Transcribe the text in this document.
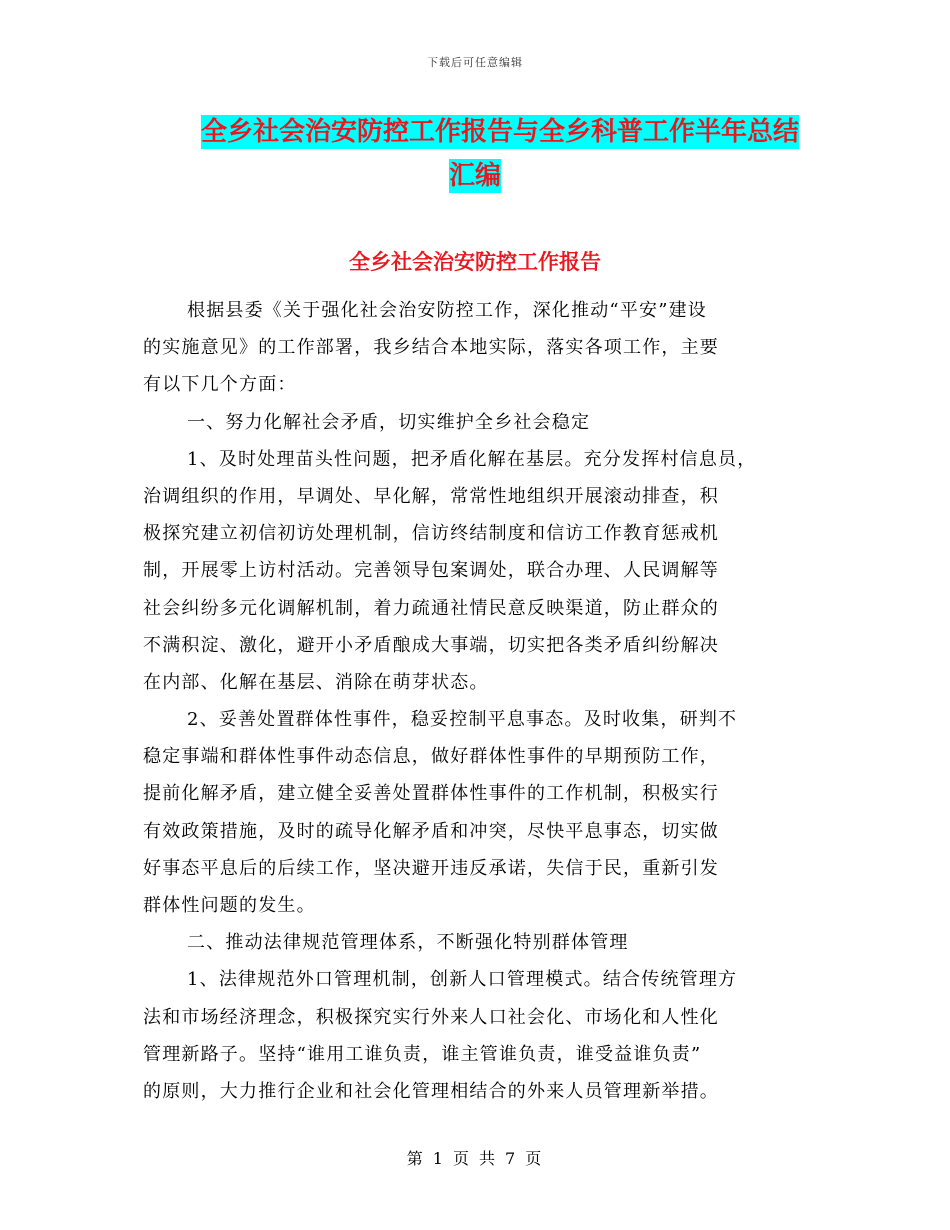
下载后可任意编辑
全乡社会治安防控工作报告与全乡科普工作半年总结
汇编
全乡社会治安防控工作报告
根据县委《关于强化社会治安防控工作，深化推动“平安”建设
的实施意见》的工作部署，我乡结合本地实际，落实各项工作，主要
有以下几个方面：
一、努力化解社会矛盾，切实维护全乡社会稳定
1、及时处理苗头性问题，把矛盾化解在基层。充分发挥村信息员，
治调组织的作用，早调处、早化解，常常性地组织开展滚动排查，积
极探究建立初信初访处理机制，信访终结制度和信访工作教育惩戒机
制，开展零上访村活动。完善领导包案调处，联合办理、人民调解等
社会纠纷多元化调解机制，着力疏通社情民意反映渠道，防止群众的
不满积淀、激化，避开小矛盾酿成大事端，切实把各类矛盾纠纷解决
在内部、化解在基层、消除在萌芽状态。
2、妥善处置群体性事件，稳妥控制平息事态。及时收集，研判不
稳定事端和群体性事件动态信息，做好群体性事件的早期预防工作，
提前化解矛盾，建立健全妥善处置群体性事件的工作机制，积极实行
有效政策措施，及时的疏导化解矛盾和冲突，尽快平息事态，切实做
好事态平息后的后续工作，坚决避开违反承诺，失信于民，重新引发
群体性问题的发生。
二、推动法律规范管理体系，不断强化特别群体管理
1、法律规范外口管理机制，创新人口管理模式。结合传统管理方
法和市场经济理念，积极探究实行外来人口社会化、市场化和人性化
管理新路子。坚持“谁用工谁负责，谁主管谁负责，谁受益谁负责”
的原则，大力推行企业和社会化管理相结合的外来人员管理新举措。
第 1 页 共 7 页
